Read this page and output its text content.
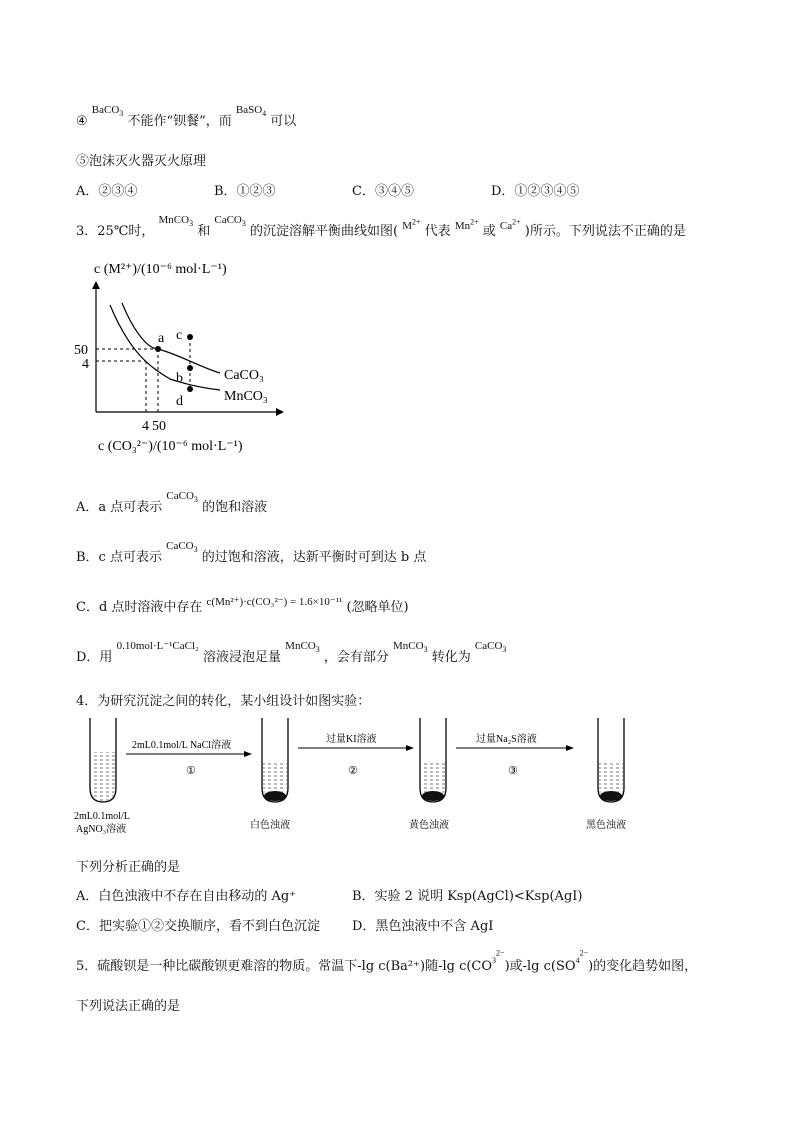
④ $^{BaCO_3}$ 不能作“钡餐”，而 $^{BaSO_4}$ 可以
⑤泡沫灭火器灭火原理
A．②③④	B．①②③	C．③④⑤	D．①②③④⑤
3．25℃时， $^{MnCO_3}$ 和 $^{CaCO_3}$ 的沉淀溶解平衡曲线如图( $^{M^{2+}}$ 代表 $^{Mn^{2+}}$ 或 $^{Ca^{2+}}$ )所示。下列说法不正确的是
c (M²⁺)/(10⁻⁶ mol·L⁻¹)
50
4
a c
b
d
CaCO₃
MnCO₃
4 50
c (CO₃²⁻)/(10⁻⁶ mol·L⁻¹)
A．a 点可表示 $^{CaCO_3}$ 的饱和溶液
B．c 点可表示 $^{CaCO_3}$ 的过饱和溶液，达新平衡时可到达 b 点
C．d 点时溶液中存在 $^{c(Mn^{2+})\cdot c(CO_3^{2-}) = 1.6\times 10^{-11}}$ (忽略单位)
D．用 $^{0.10mol\cdot L^{-1}CaCl_2}$ 溶液浸泡足量 $^{MnCO_3}$ ，会有部分 $^{MnCO_3}$ 转化为 $^{CaCO_3}$
4．为研究沉淀之间的转化，某小组设计如图实验：
2mL0.1mol/L NaCl溶液
①
过量KI溶液
②
过量Na₂S溶液
③
2mL0.1mol/L
AgNO₃溶液	白色浊液	黄色浊液	黑色浊液
下列分析正确的是
A．白色浊液中不存在自由移动的 Ag⁺	B．实验 2 说明 Ksp(AgCl)<Ksp(AgI)
C．把实验①②交换顺序，看不到白色沉淀 D．黑色浊液中不含 AgI
5．硫酸钡是一种比碳酸钡更难溶的物质。常温下-lg c(Ba²⁺)随-lg $c(CO^{_3^{2-}})$或-lg $c(SO^{_4^{2-}})$的变化趋势如图，
下列说法正确的是
